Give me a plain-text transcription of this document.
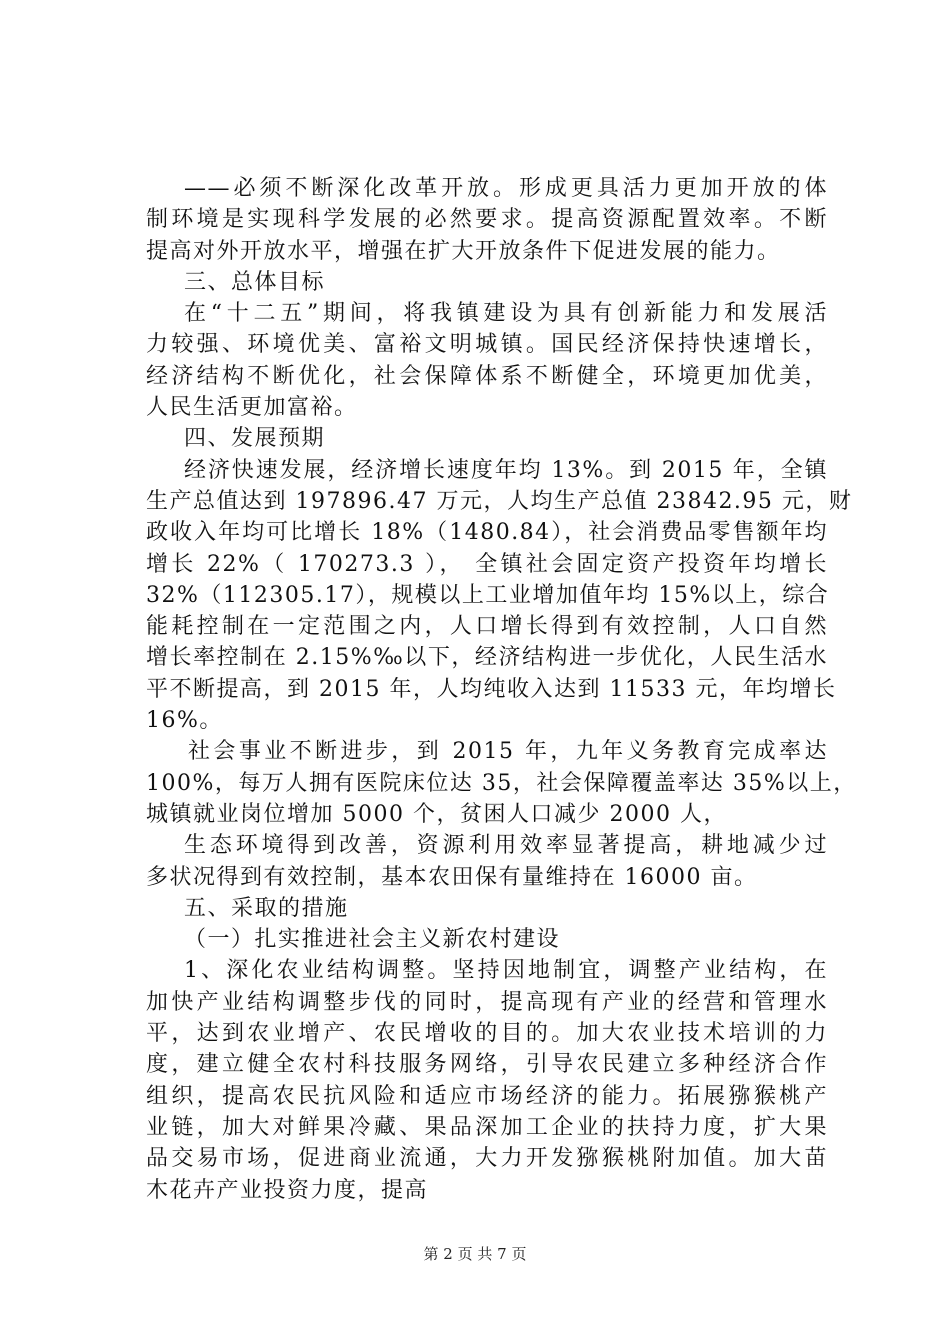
——必须不断深化改革开放。形成更具活力更加开放的体
制环境是实现科学发展的必然要求。提高资源配置效率。不断
提高对外开放水平，增强在扩大开放条件下促进发展的能力。
三、总体目标
在“十二五”期间，将我镇建设为具有创新能力和发展活
力较强、环境优美、富裕文明城镇。国民经济保持快速增长，
经济结构不断优化，社会保障体系不断健全，环境更加优美，
人民生活更加富裕。
四、发展预期
经济快速发展，经济增长速度年均 13%。到 2015 年，全镇
生产总值达到 197896.47 万元，人均生产总值 23842.95 元，财
政收入年均可比增长 18%（1480.84），社会消费品零售额年均
增长 22%（ 170273.3 ）， 全镇社会固定资产投资年均增长
32%（112305.17），规模以上工业增加值年均 15%以上，综合
能耗控制在一定范围之内，人口增长得到有效控制，人口自然
增长率控制在 2.15%‰以下，经济结构进一步优化，人民生活水
平不断提高，到 2015 年，人均纯收入达到 11533 元，年均增长
16%。
社会事业不断进步，到 2015 年，九年义务教育完成率达
100%，每万人拥有医院床位达 35，社会保障覆盖率达 35%以上，
城镇就业岗位增加 5000 个，贫困人口减少 2000 人，
生态环境得到改善，资源利用效率显著提高，耕地减少过
多状况得到有效控制，基本农田保有量维持在 16000 亩。
五、采取的措施
（一）扎实推进社会主义新农村建设
1、深化农业结构调整。坚持因地制宜，调整产业结构，在
加快产业结构调整步伐的同时，提高现有产业的经营和管理水
平，达到农业增产、农民增收的目的。加大农业技术培训的力
度，建立健全农村科技服务网络，引导农民建立多种经济合作
组织，提高农民抗风险和适应市场经济的能力。拓展猕猴桃产
业链，加大对鲜果冷藏、果品深加工企业的扶持力度，扩大果
品交易市场，促进商业流通，大力开发猕猴桃附加值。加大苗
木花卉产业投资力度，提高
第 2 页 共 7 页
